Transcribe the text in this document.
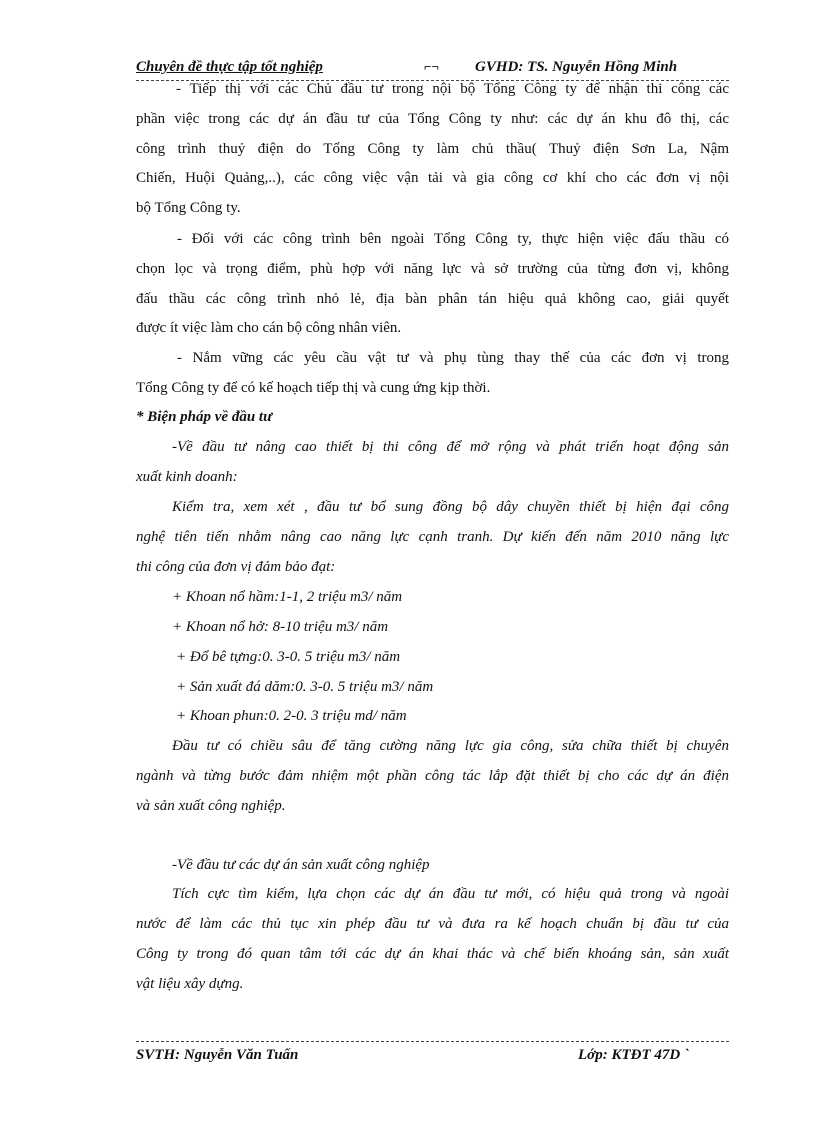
Chuyên đề thực tập tốt nghiệp	⌐¬ GVHD: TS. Nguyễn Hồng Minh
- Tiếp thị với các Chủ đầu tư trong nội bộ Tổng Công ty để nhận thi công các
phần việc trong các dự án đầu tư của Tổng Công ty như: các dự án khu đô thị, các
công trình thuỷ điện do Tổng Công ty làm chủ thầu( Thuỷ điện Sơn La, Nậm
Chiến, Huội Quảng,..), các công việc vận tải và gia công cơ khí cho các đơn vị nội
bộ Tổng Công ty.
- Đối với các công trình bên ngoài Tổng Công ty, thực hiện việc đấu thầu có
chọn lọc và trọng điểm, phù hợp với năng lực và sở trường của từng đơn vị, không
đấu thầu các công trình nhỏ lẻ, địa bàn phân tán hiệu quả không cao, giải quyết
được ít việc làm cho cán bộ công nhân viên.
- Nắm vững các yêu cầu vật tư và phụ tùng thay thế của các đơn vị trong
Tổng Công ty để có kế hoạch tiếp thị và cung ứng kịp thời.
* Biện pháp về đầu tư
-Về đầu tư nâng cao thiết bị thi công để mở rộng và phát triển hoạt động sản
xuất kinh doanh:
Kiểm tra, xem xét , đầu tư bổ sung đồng bộ dây chuyền thiết bị hiện đại công
nghệ tiên tiến nhằm nâng cao năng lực cạnh tranh. Dự kiến đến năm 2010 năng lực
thi công của đơn vị đảm bảo đạt:
+ Khoan nổ hầm:1-1, 2 triệu m3/ năm
+ Khoan nổ hở: 8-10 triệu m3/ năm
+ Đổ bê tựng:0. 3-0. 5 triệu m3/ năm
+ Sản xuất đá dăm:0. 3-0. 5 triệu m3/ năm
+ Khoan phun:0. 2-0. 3 triệu md/ năm
Đầu tư có chiều sâu để tăng cường năng lực gia công, sửa chữa thiết bị chuyên
ngành và từng bước đảm nhiệm một phần công tác lắp đặt thiết bị cho các dự án điện
và sản xuất công nghiệp.
-Về đầu tư các dự án sản xuất công nghiệp
Tích cực tìm kiếm, lựa chọn các dự án đầu tư mới, có hiệu quả trong và ngoài
nước để làm các thủ tục xin phép đầu tư và đưa ra kế hoạch chuẩn bị đầu tư của
Công ty trong đó quan tâm tới các dự án khai thác và chế biến khoáng sản, sản xuất
vật liệu xây dựng.
SVTH: Nguyễn Văn Tuấn	Lớp: KTĐT 47D `
